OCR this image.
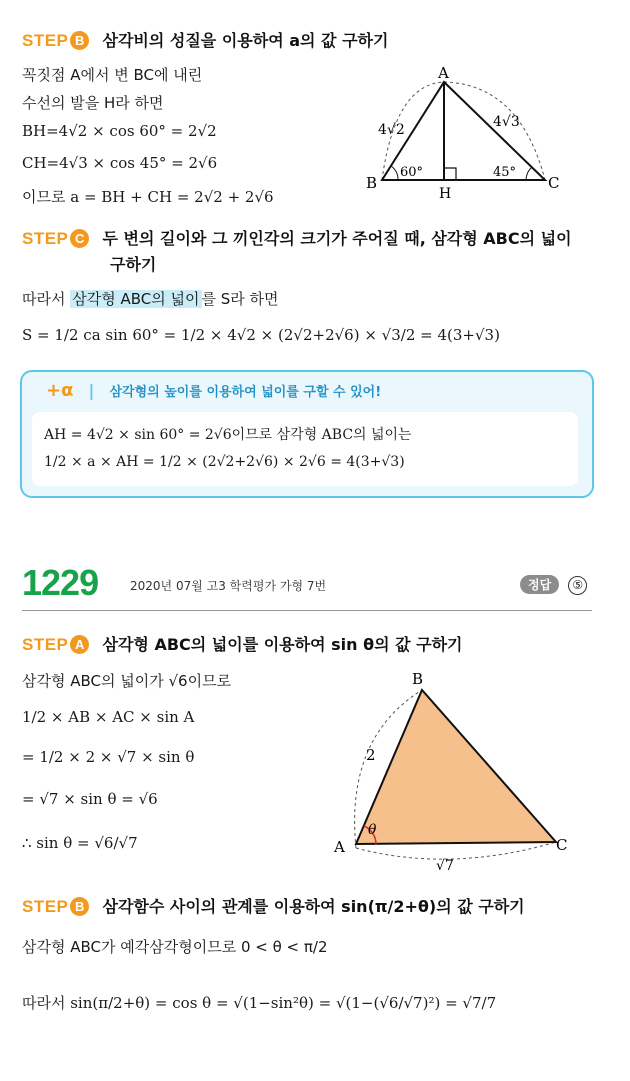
STEP B 삼각비의 성질을 이용하여 a의 값 구하기
꼭짓점 A에서 변 BC에 내린
수선의 발을 H라 하면
BH=4√2 × cos 60° = 2√2
CH=4√3 × cos 45° = 2√6
이므로 a = BH + CH = 2√2 + 2√6
A
B	C
H
4√2	4√3
60°	45°
STEP C 두 변의 길이와 그 끼인각의 크기가 주어질 때, 삼각형 ABC의 넓이
구하기
따라서 삼각형 ABC의 넓이 를 S라 하면
S = 1/2 ca sin 60° = 1/2 × 4√2 × (2√2+2√6) × √3/2 = 4(3+√3)
+α | 삼각형의 높이를 이용하여 넓이를 구할 수 있어!
AH = 4√2 × sin 60° = 2√6이므로 삼각형 ABC의 넓이는
1/2 × a × AH = 1/2 × (2√2+2√6) × 2√6 = 4(3+√3)
1229	2020년 07월 고3 학력평가 가형 7번	정답 ⑤
STEP A 삼각형 ABC의 넓이를 이용하여 sin θ의 값 구하기
삼각형 ABC의 넓이가 √6이므로
1/2 × AB × AC × sin A
= 1/2 × 2 × √7 × sin θ
= √7 × sin θ = √6
∴ sin θ = √6/√7
B
A	C
2
√7
θ
STEP B 삼각함수 사이의 관계를 이용하여 sin(π/2+θ)의 값 구하기
삼각형 ABC가 예각삼각형이므로 0 < θ < π/2
따라서 sin(π/2+θ) = cos θ = √(1−sin²θ) = √(1−(√6/√7)²) = √7/7
